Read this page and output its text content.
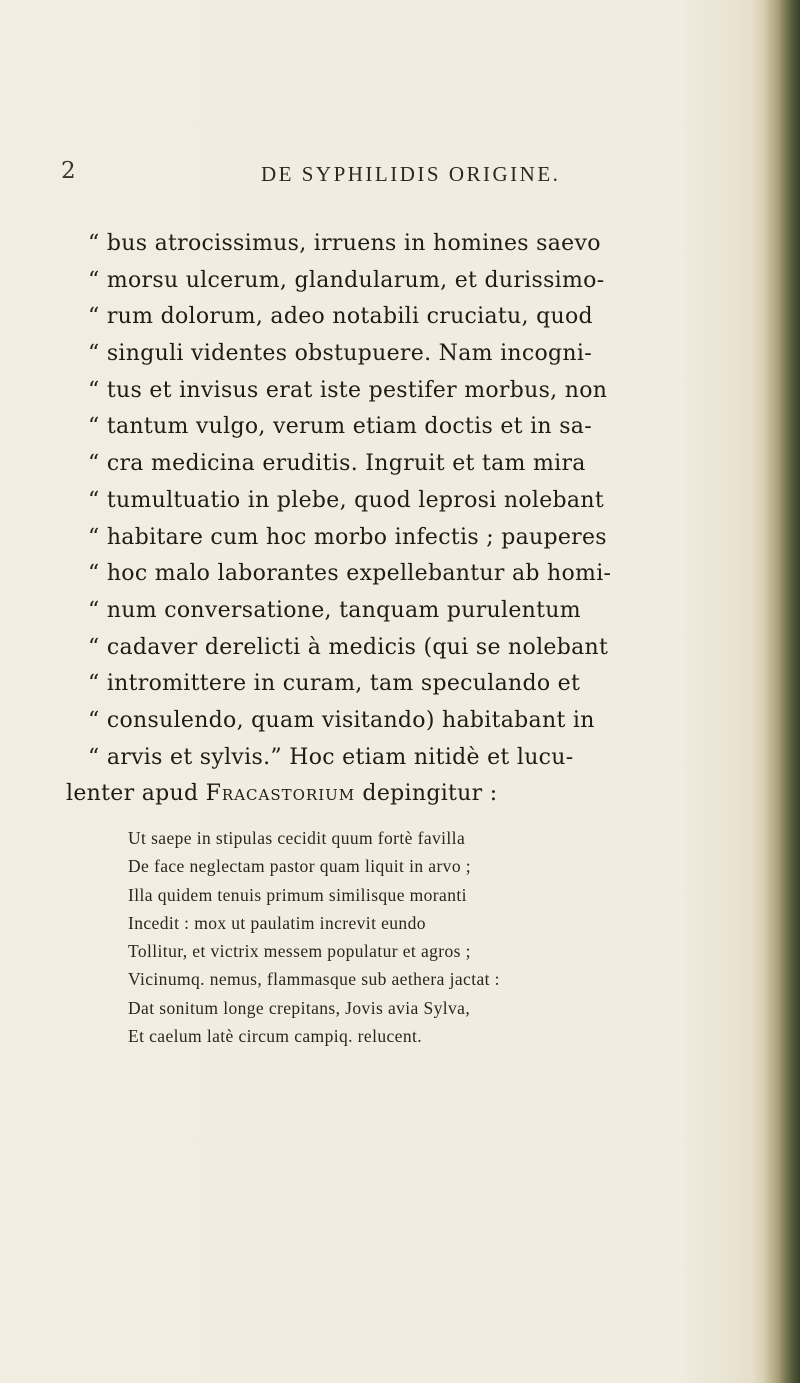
2	DE SYPHILIDIS ORIGINE.
“ bus atrocissimus, irruens in homines saevo
“ morsu ulcerum, glandularum, et durissimo-
“ rum dolorum, adeo notabili cruciatu, quod
“ singuli videntes obstupuere. Nam incogni-
“ tus et invisus erat iste pestifer morbus, non
“ tantum vulgo, verum etiam doctis et in sa-
“ cra medicina eruditis. Ingruit et tam mira
“ tumultuatio in plebe, quod leprosi nolebant
“ habitare cum hoc morbo infectis ; pauperes
“ hoc malo laborantes expellebantur ab homi-
“ num conversatione, tanquam purulentum
“ cadaver derelicti à medicis (qui se nolebant
“ intromittere in curam, tam speculando et
“ consulendo, quam visitando) habitabant in
“ arvis et sylvis.” Hoc etiam nitidè et lucu-
lenter apud Fracastorium depingitur :
Ut saepe in stipulas cecidit quum fortè favilla
De face neglectam pastor quam liquit in arvo ;
Illa quidem tenuis primum similisque moranti
Incedit : mox ut paulatim increvit eundo
Tollitur, et victrix messem populatur et agros ;
Vicinumq. nemus, flammasque sub aethera jactat :
Dat sonitum longe crepitans, Jovis avia Sylva,
Et caelum latè circum campiq. relucent.
